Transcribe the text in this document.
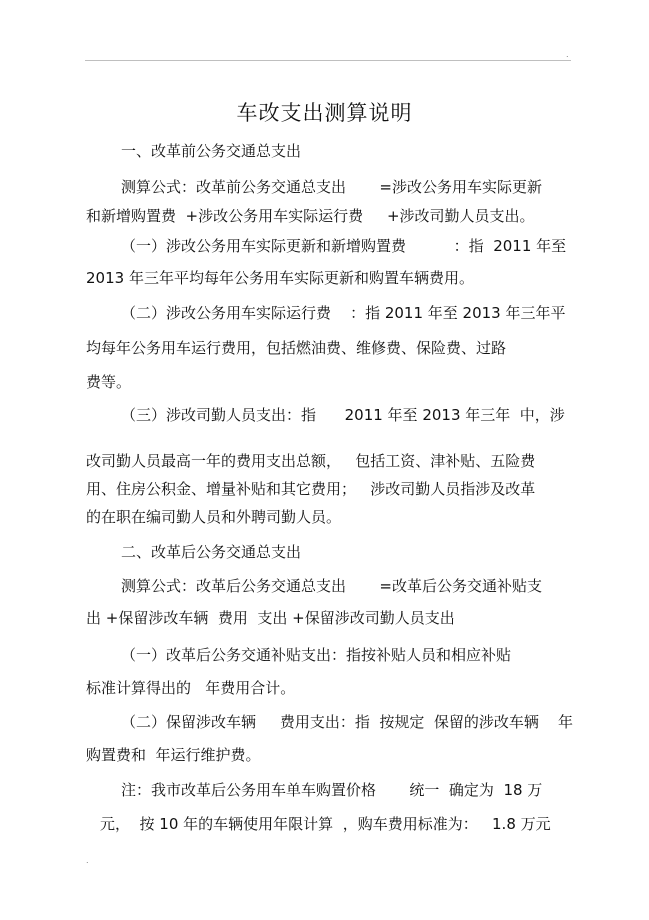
.
车改支出测算说明
一、改革前公务交通总支出
测算公式：改革前公务交通总支出       =涉改公务用车实际更新
和新增购置费  +涉改公务用车实际运行费     +涉改司勤人员支出。
（一）涉改公务用车实际更新和新增购置费          ：指  2011 年至
2013 年三年平均每年公务用车实际更新和购置车辆费用。
（二）涉改公务用车实际运行费    ：指 2011 年至 2013 年三年平
均每年公务用车运行费用，包括燃油费、维修费、保险费、过路
费等。
（三）涉改司勤人员支出：指      2011 年至 2013 年三年  中，涉
改司勤人员最高一年的费用支出总额，   包括工资、津补贴、五险费
用、住房公积金、增量补贴和其它费用；   涉改司勤人员指涉及改革
的在职在编司勤人员和外聘司勤人员。
二、改革后公务交通总支出
测算公式：改革后公务交通总支出       =改革后公务交通补贴支
出 +保留涉改车辆  费用  支出 +保留涉改司勤人员支出
（一）改革后公务交通补贴支出：指按补贴人员和相应补贴
标准计算得出的   年费用合计。
（二）保留涉改车辆     费用支出：指  按规定  保留的涉改车辆    年
购置费和  年运行维护费。
注：我市改革后公务用车单车购置价格       统一  确定为  18 万
元，  按 10 年的车辆使用年限计算  ，购车费用标准为：   1.8 万元
.
